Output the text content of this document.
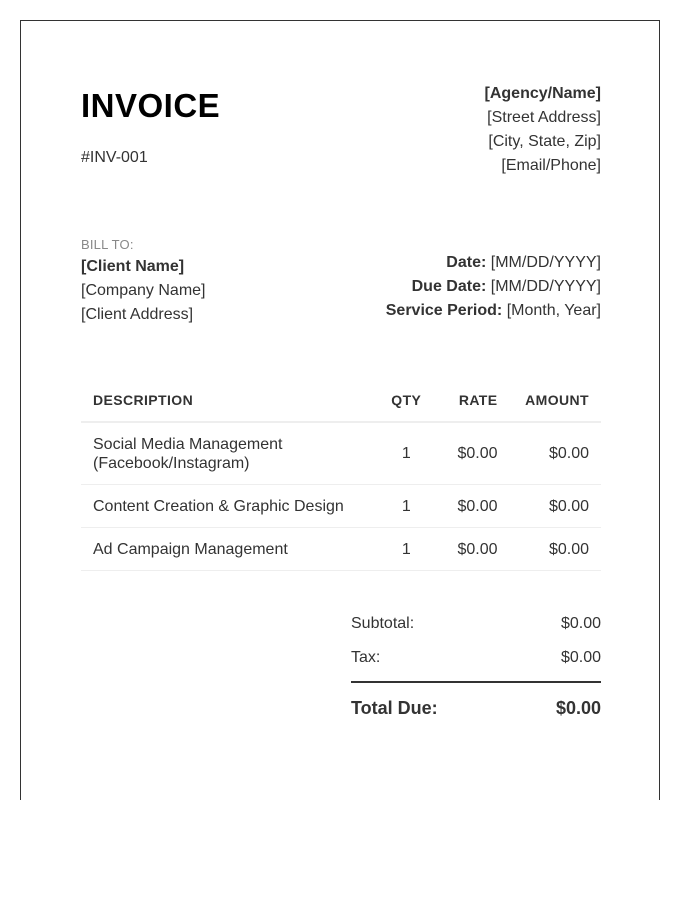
INVOICE
#INV-001
[Agency/Name]
[Street Address]
[City, State, Zip]
[Email/Phone]
BILL TO:
[Client Name]
[Company Name]
[Client Address]
Date: [MM/DD/YYYY]
Due Date: [MM/DD/YYYY]
Service Period: [Month, Year]
DESCRIPTION	QTY	RATE	AMOUNT

Social Media Management
(Facebook/Instagram)	1	$0.00	$0.00
Content Creation & Graphic Design	1	$0.00	$0.00
Ad Campaign Management	1	$0.00	$0.00
Subtotal:	$0.00
Tax:	$0.00
Total Due:	$0.00
